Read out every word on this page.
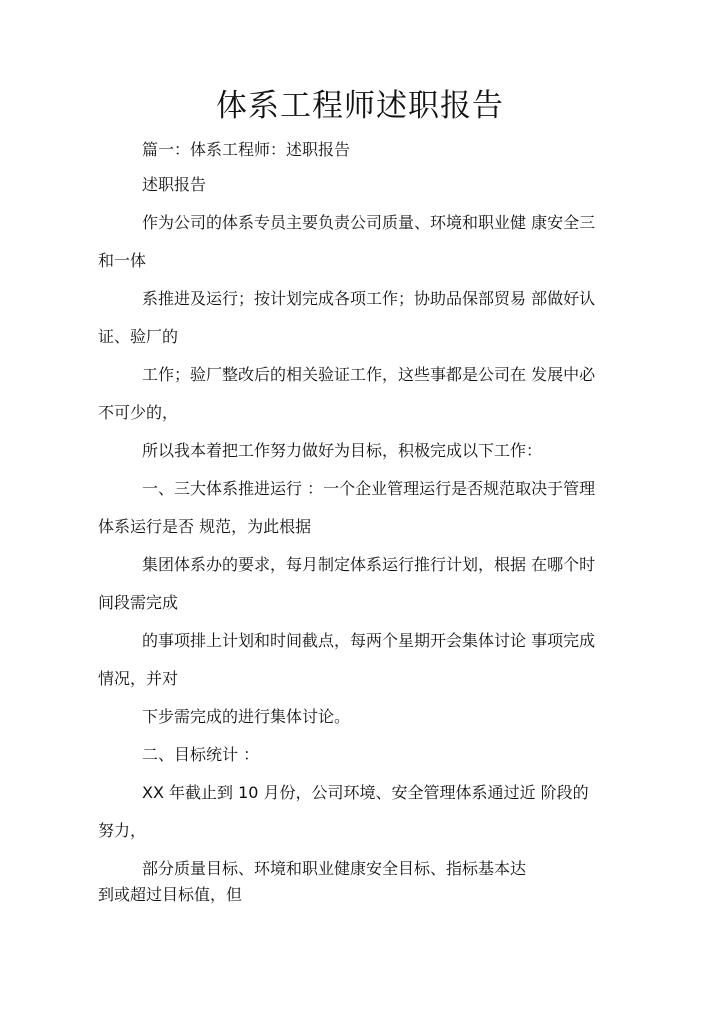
体系工程师述职报告

篇一：体系工程师：述职报告

述职报告

作为公司的体系专员主要负责公司质量、环境和职业健 康安全三

和一体

系推进及运行；按计划完成各项工作；协助品保部贸易 部做好认

证、验厂的

工作；验厂整改后的相关验证工作，这些事都是公司在 发展中必

不可少的，

所以我本着把工作努力做好为目标，积极完成以下工作：

一、三大体系推进运行 ：一个企业管理运行是否规范取决于管理

体系运行是否 规范，为此根据

集团体系办的要求，每月制定体系运行推行计划，根据 在哪个时

间段需完成

的事项排上计划和时间截点，每两个星期开会集体讨论 事项完成

情况，并对

下步需完成的进行集体讨论。

二、目标统计 ：

XX 年截止到 10 月份，公司环境、安全管理体系通过近 阶段的

努力，

部分质量目标、环境和职业健康安全目标、指标基本达

到或超过目标值，但
